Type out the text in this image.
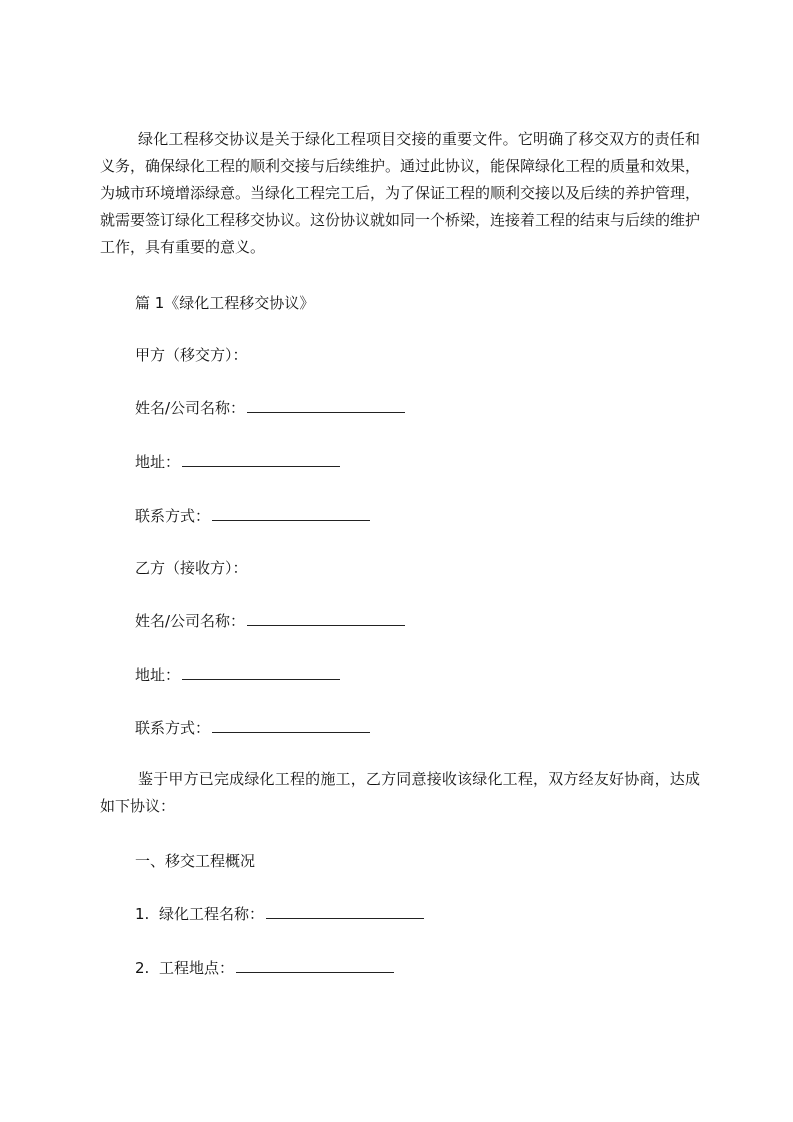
绿化工程移交协议是关于绿化工程项目交接的重要文件。它明确了移交双方的责任和义务，确保绿化工程的顺利交接与后续维护。通过此协议，能保障绿化工程的质量和效果，为城市环境增添绿意。当绿化工程完工后，为了保证工程的顺利交接以及后续的养护管理，就需要签订绿化工程移交协议。这份协议就如同一个桥梁，连接着工程的结束与后续的维护工作，具有重要的意义。

篇 1《绿化工程移交协议》

甲方（移交方）：

姓名/公司名称：

地址：

联系方式：

乙方（接收方）：

姓名/公司名称：

地址：

联系方式：

鉴于甲方已完成绿化工程的施工，乙方同意接收该绿化工程，双方经友好协商，达成如下协议：

一、移交工程概况

1. 绿化工程名称：

2. 工程地点：
